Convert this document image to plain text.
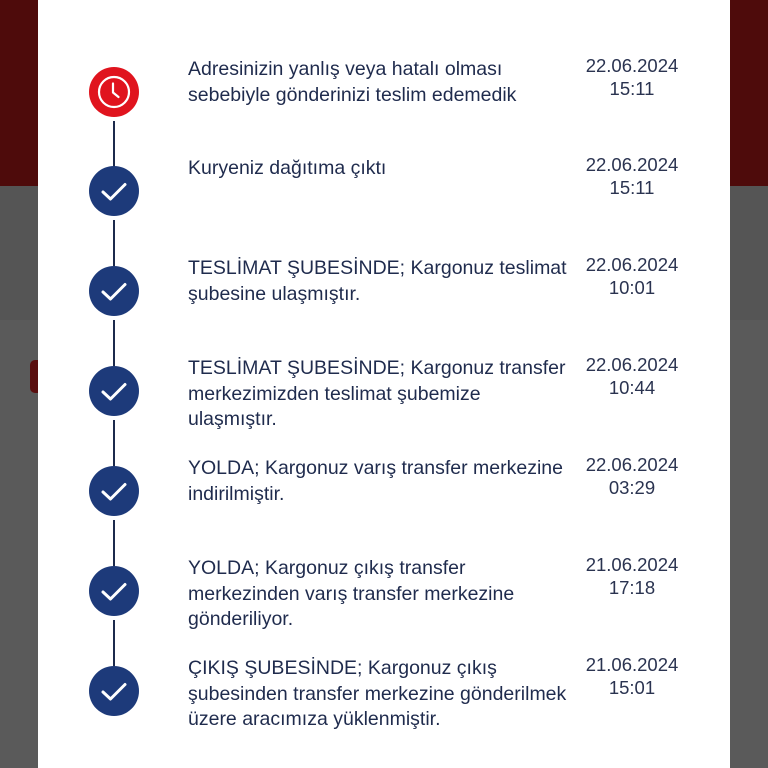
Adresinizin yanlış veya hatalı olması sebebiyle gönderinizi teslim edemedik
22.06.2024
15:11
Kuryeniz dağıtıma çıktı	22.06.2024
15:11
TESLİMAT ŞUBESİNDE; Kargonuz teslimat şubesine ulaşmıştır.
22.06.2024
10:01
TESLİMAT ŞUBESİNDE; Kargonuz transfer merkezimizden teslimat şubemize ulaşmıştır.
22.06.2024
10:44
YOLDA; Kargonuz varış transfer merkezine indirilmiştir.
22.06.2024
03:29
YOLDA; Kargonuz çıkış transfer merkezinden varış transfer merkezine gönderiliyor.
21.06.2024
17:18
ÇIKIŞ ŞUBESİNDE; Kargonuz çıkış şubesinden transfer merkezine gönderilmek üzere aracımıza yüklenmiştir.
21.06.2024
15:01
